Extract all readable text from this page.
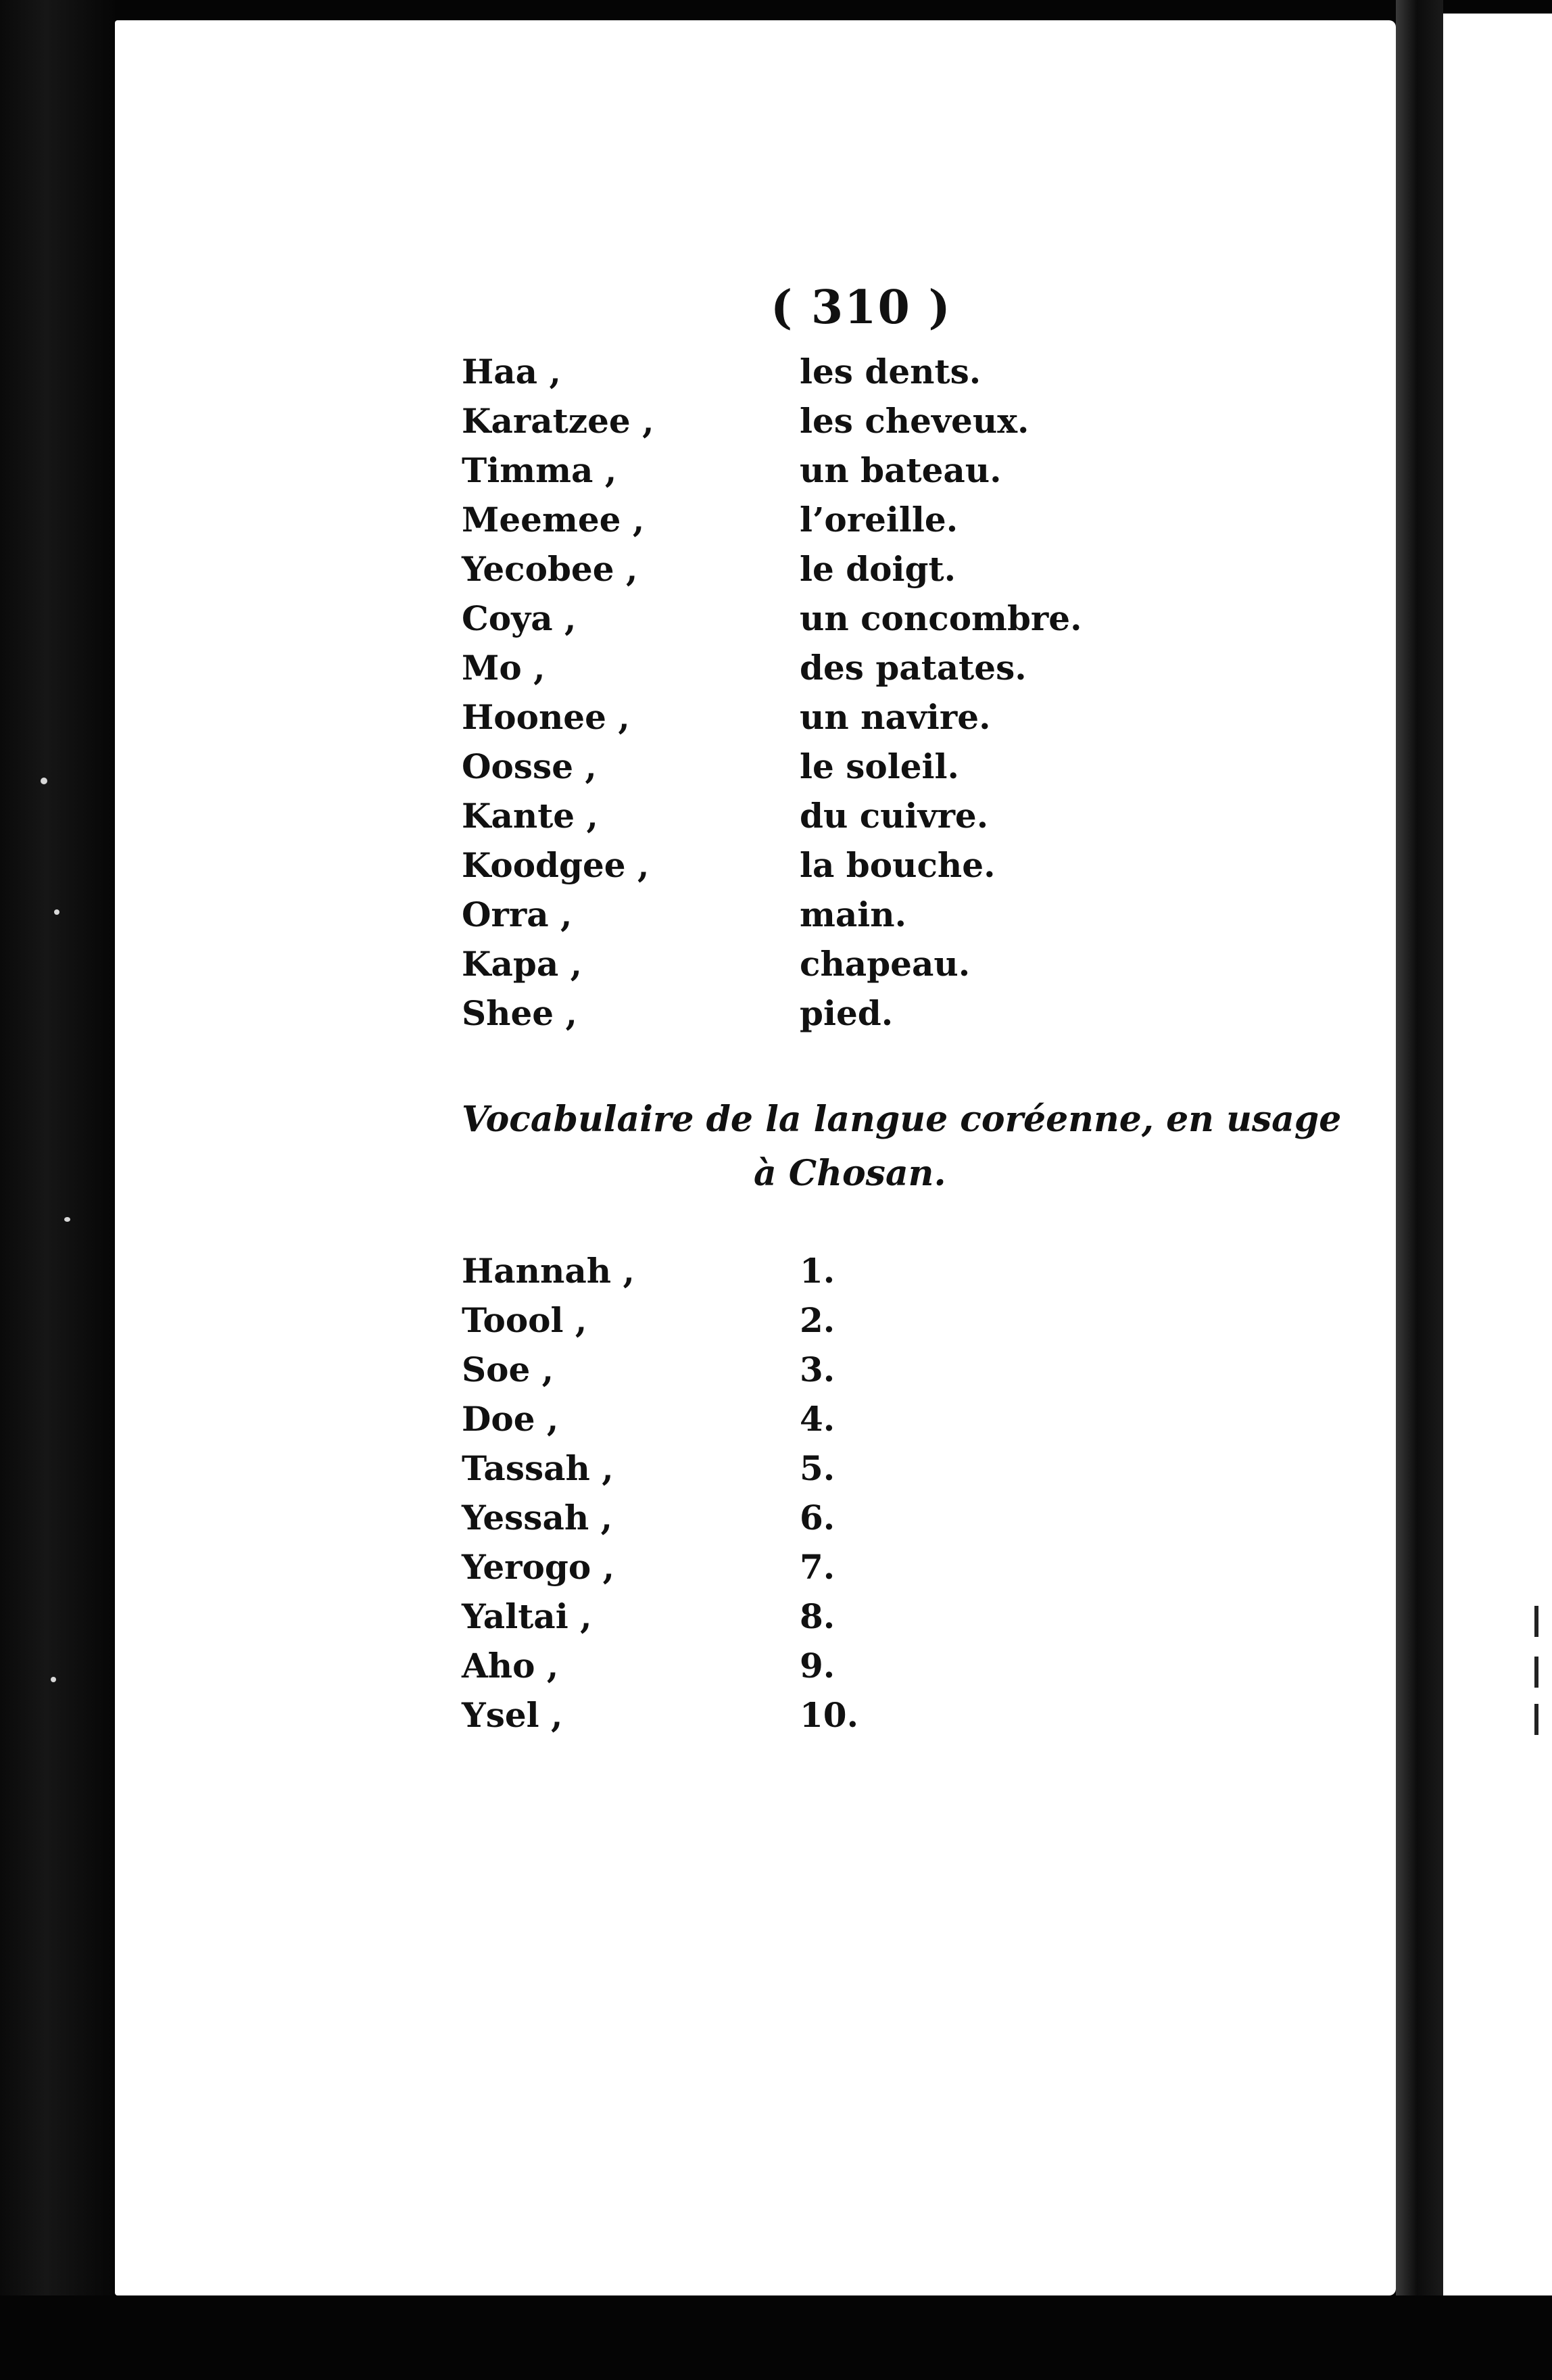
( 310 )
Haa ,	les dents.
Karatzee ,	les cheveux.
Timma ,	un bateau.
Meemee ,	l’oreille.
Yecobee ,	le doigt.
Coya ,	un concombre.
Mo ,	des patates.
Hoonee ,	un navire.
Oosse ,	le soleil.
Kante ,	du cuivre.
Koodgee ,	la bouche.
Orra ,	main.
Kapa ,	chapeau.
Shee ,	pied.
Vocabulaire de la langue coréenne, en usage
à Chosan.
Hannah ,	1.
Toool ,	2.
Soe ,	3.
Doe ,	4.
Tassah ,	5.
Yessah ,	6.
Yerogo ,	7.
Yaltai ,	8.
Aho ,	9.
Ysel ,	10.
